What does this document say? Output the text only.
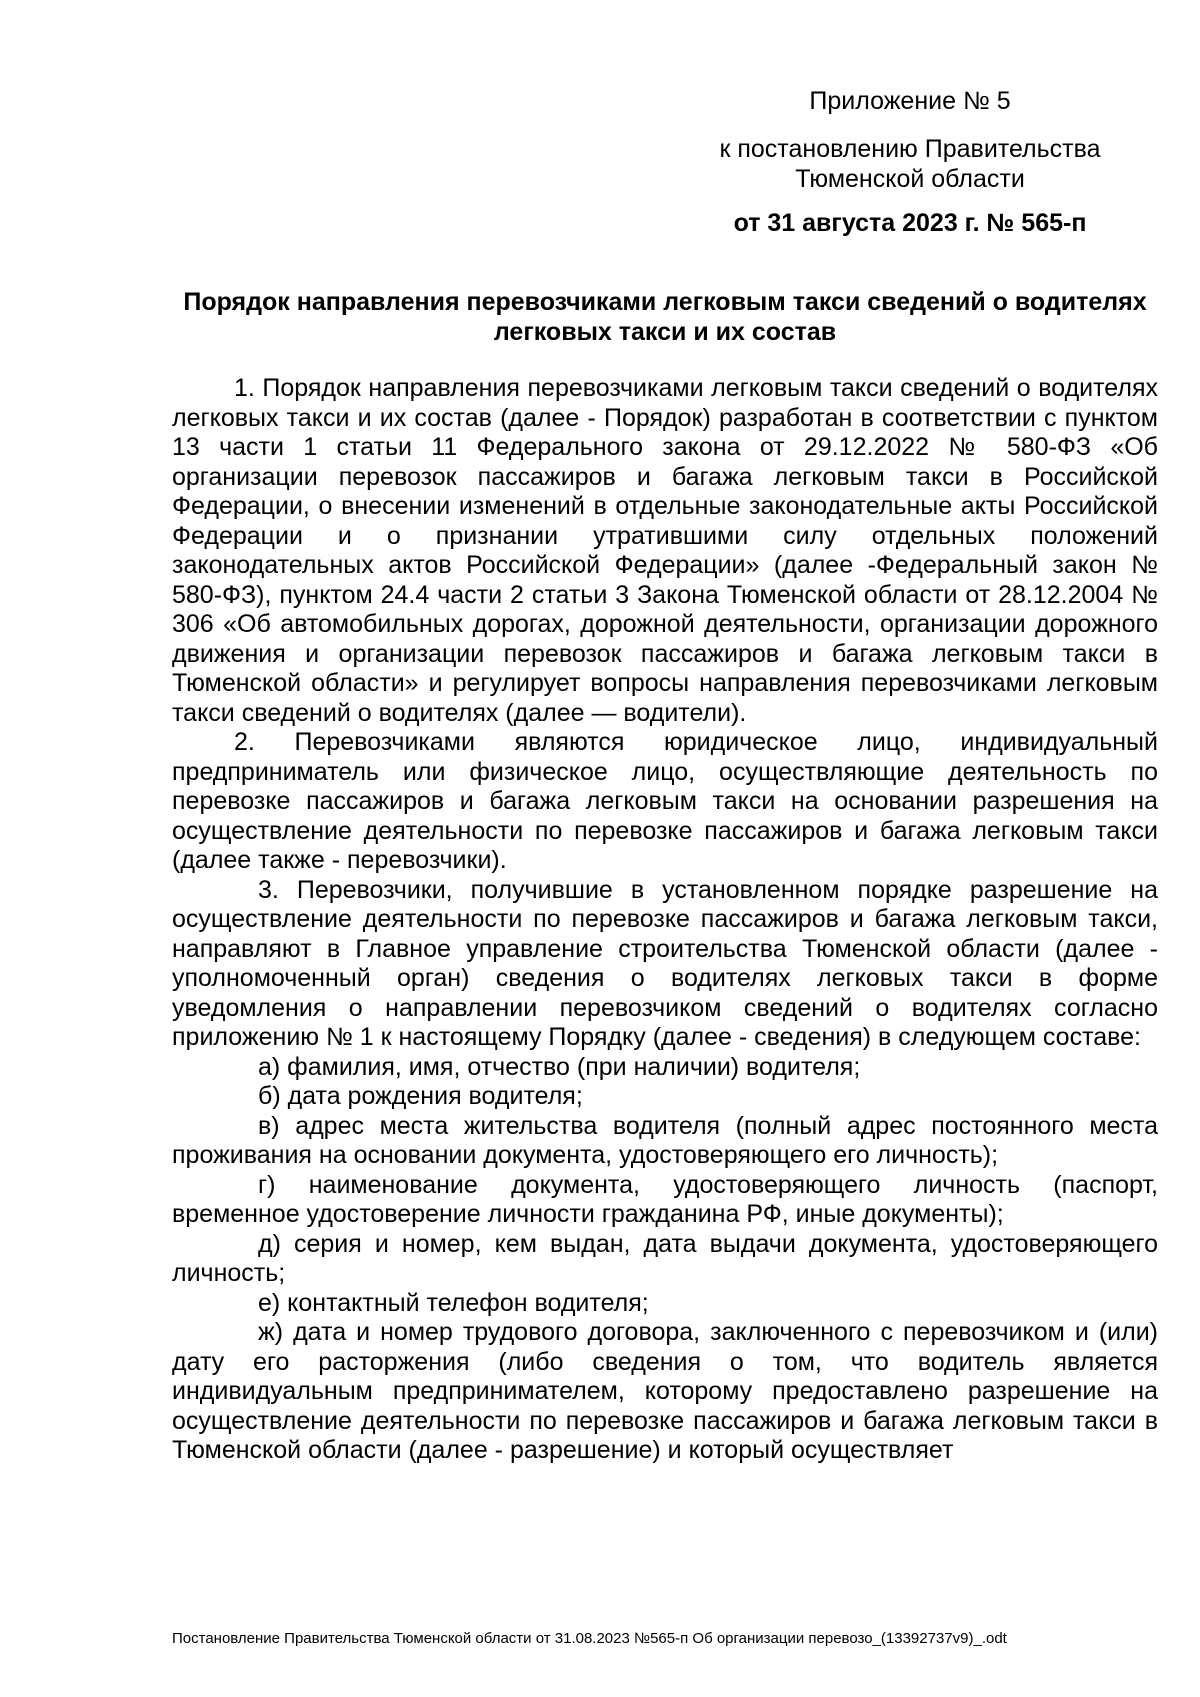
Приложение № 5
к постановлению Правительства Тюменской области
от 31 августа 2023 г. № 565-п
Порядок направления перевозчиками легковым такси сведений о водителях легковых такси и их состав

1. Порядок направления перевозчиками легковым такси сведений о водителях легковых такси и их состав (далее - Порядок) разработан в соответствии с пунктом 13 части 1 статьи 11 Федерального закона от 29.12.2022 № 580-ФЗ «Об организации перевозок пассажиров и багажа легковым такси в Российской Федерации, о внесении изменений в отдельные законодательные акты Российской Федерации и о признании утратившими силу отдельных положений законодательных актов Российской Федерации» (далее -Федеральный закон № 580-ФЗ), пунктом 24.4 части 2 статьи 3 Закона Тюменской области от 28.12.2004 № 306 «Об автомобильных дорогах, дорожной деятельности, организации дорожного движения и организации перевозок пассажиров и багажа легковым такси в Тюменской области» и регулирует вопросы направления перевозчиками легковым такси сведений о водителях (далее — водители).

2. Перевозчиками являются юридическое лицо, индивидуальный предприниматель или физическое лицо, осуществляющие деятельность по перевозке пассажиров и багажа легковым такси на основании разрешения на осуществление деятельности по перевозке пассажиров и багажа легковым такси (далее также - перевозчики).

3. Перевозчики, получившие в установленном порядке разрешение на осуществление деятельности по перевозке пассажиров и багажа легковым такси, направляют в Главное управление строительства Тюменской области (далее - уполномоченный орган) сведения о водителях легковых такси в форме уведомления о направлении перевозчиком сведений о водителях согласно приложению № 1 к настоящему Порядку (далее - сведения) в следующем составе:

а) фамилия, имя, отчество (при наличии) водителя;

б) дата рождения водителя;

в) адрес места жительства водителя (полный адрес постоянного места проживания на основании документа, удостоверяющего его личность);

г) наименование документа, удостоверяющего личность (паспорт, временное удостоверение личности гражданина РФ, иные документы);

д) серия и номер, кем выдан, дата выдачи документа, удостоверяющего личность;

е) контактный телефон водителя;

ж) дата и номер трудового договора, заключенного с перевозчиком и (или) дату его расторжения (либо сведения о том, что водитель является индивидуальным предпринимателем, которому предоставлено разрешение на осуществление деятельности по перевозке пассажиров и багажа легковым такси в Тюменской области (далее - разрешение) и который осуществляет

Постановление Правительства Тюменской области от 31.08.2023 №565-п Об организации перевозо_(13392737v9)_.odt
